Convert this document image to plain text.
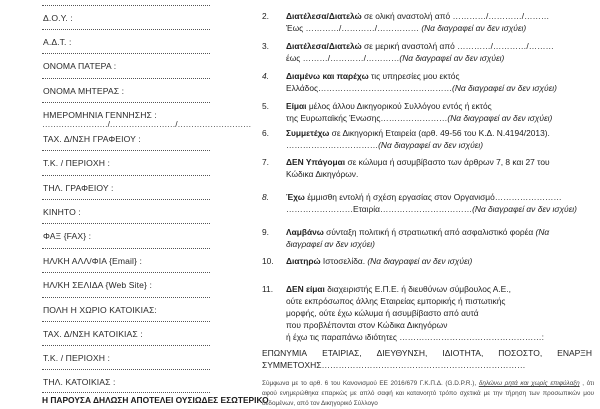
Δ.Ο.Υ. :
Α.Δ.Τ. :
ΟΝΟΜΑ ΠΑΤΕΡΑ :
ΟΝΟΜΑ ΜΗΤΕΡΑΣ :
ΗΜΕΡΟΜΗΝΙΑ ΓΕΝΝΗΣΗΣ :
……………………/……………………/………………………
ΤΑΧ. Δ/ΝΣΗ ΓΡΑΦΕΙΟΥ :
Τ.Κ. / ΠΕΡΙΟΧΗ :
ΤΗΛ. ΓΡΑΦΕΙΟΥ :
ΚΙΝΗΤΟ :
ΦΑΞ {FAX} :
ΗΛ/ΚΗ ΑΛΛ/ΦΙΑ {Email} :
ΗΛ/ΚΗ ΣΕΛΙΔΑ {Web Site} :
ΠΟΛΗ Η ΧΩΡΙΟ ΚΑΤΟΙΚΙΑΣ:
ΤΑΧ. Δ/ΝΣΗ ΚΑΤΟΙΚΙΑΣ :
Τ.Κ. / ΠΕΡΙΟΧΗ :
ΤΗΛ. ΚΑΤΟΙΚΙΑΣ :
Η ΠΑΡΟΥΣΑ ΔΗΛΩΣΗ ΑΠΟΤΕΛΕΙ ΟΥΣΙΩΔΕΣ ΕΣΩΤΕΡΙΚΟ
2.	Διατέλεσα/Διατελώ σε ολική αναστολή από …………/…………/………
Έως …………/…………/…………… (Να διαγραφεί αν δεν ισχύει)
3.	Διατέλεσα/Διατελώ σε μερική αναστολή από …………/…………/………
έως ………/…………/…………(Να διαγραφεί αν δεν ισχύει)
4.	Διαμένω και παρέχω τις υπηρεσίες μου εκτός
Ελλάδος…………………………………………(Να διαγραφεί αν δεν ισχύει)
5.	Είμαι μέλος άλλου Δικηγορικού Συλλόγου εντός ή εκτός
της Ευρωπαϊκής Ένωσης……………………(Να διαγραφεί αν δεν ισχύει)
6.	Συμμετέχω σε Δικηγορική Εταιρεία (αρθ. 49-56 του Κ.Δ. Ν.4194/2013).
……………………………(Να διαγραφεί αν δεν ισχύει)
7.	ΔΕΝ Υπάγομαι σε κώλυμα ή ασυμβίβαστο των άρθρων 7, 8 και 27 του
Κώδικα Δικηγόρων.
8.	Έχω έμμισθη εντολή ή σχέση εργασίας στον Οργανισμό……………………
……………………Εταιρία……………………………(Να διαγραφεί αν δεν ισχύει)
9.	Λαμβάνω σύνταξη πολιτική ή στρατιωτική από ασφαλιστικό φορέα (Να
διαγραφεί αν δεν ισχύει)
10.	Διατηρώ Ιστοσελίδα. (Να διαγραφεί αν δεν ισχύει)
11.	ΔΕΝ είμαι διαχειριστής Ε.Π.Ε. ή διευθύνων σύμβουλος Α.Ε.,
ούτε εκπρόσωπος άλλης Εταιρείας εμπορικής ή πιστωτικής
μορφής, ούτε έχω κώλυμα ή ασυμβίβαστο από αυτά
που προβλέπονται στον Κώδικα Δικηγόρων
ή έχω τις παραπάνω ιδιότητες ……………………………………………:
ΕΠΩΝΥΜΙΑ ΕΤΑΙΡΙΑΣ, ΔΙΕΥΘΥΝΣΗ, ΙΔΙΟΤΗΤΑ, ΠΟΣΟΣΤΟ, ΕΝΑΡΞΗ
ΣΥΜΜΕΤΟΧΗΣ………………………………………………………………
Σύμφωνα με το αρθ. 6 του Κανονισμού ΕΕ 2016/679 Γ.Κ.Π.Δ. (G.D.P.R.), δηλώνω ρητά και χωρίς επιφύλαξη , ότι αφού ενημερώθηκα επαρκώς με απλό σαφή και κατανοητό τρόπο σχετικά με την τήρηση των προσωπικών μου δεδομένων, από τον Δικηγορικό Σύλλογο
